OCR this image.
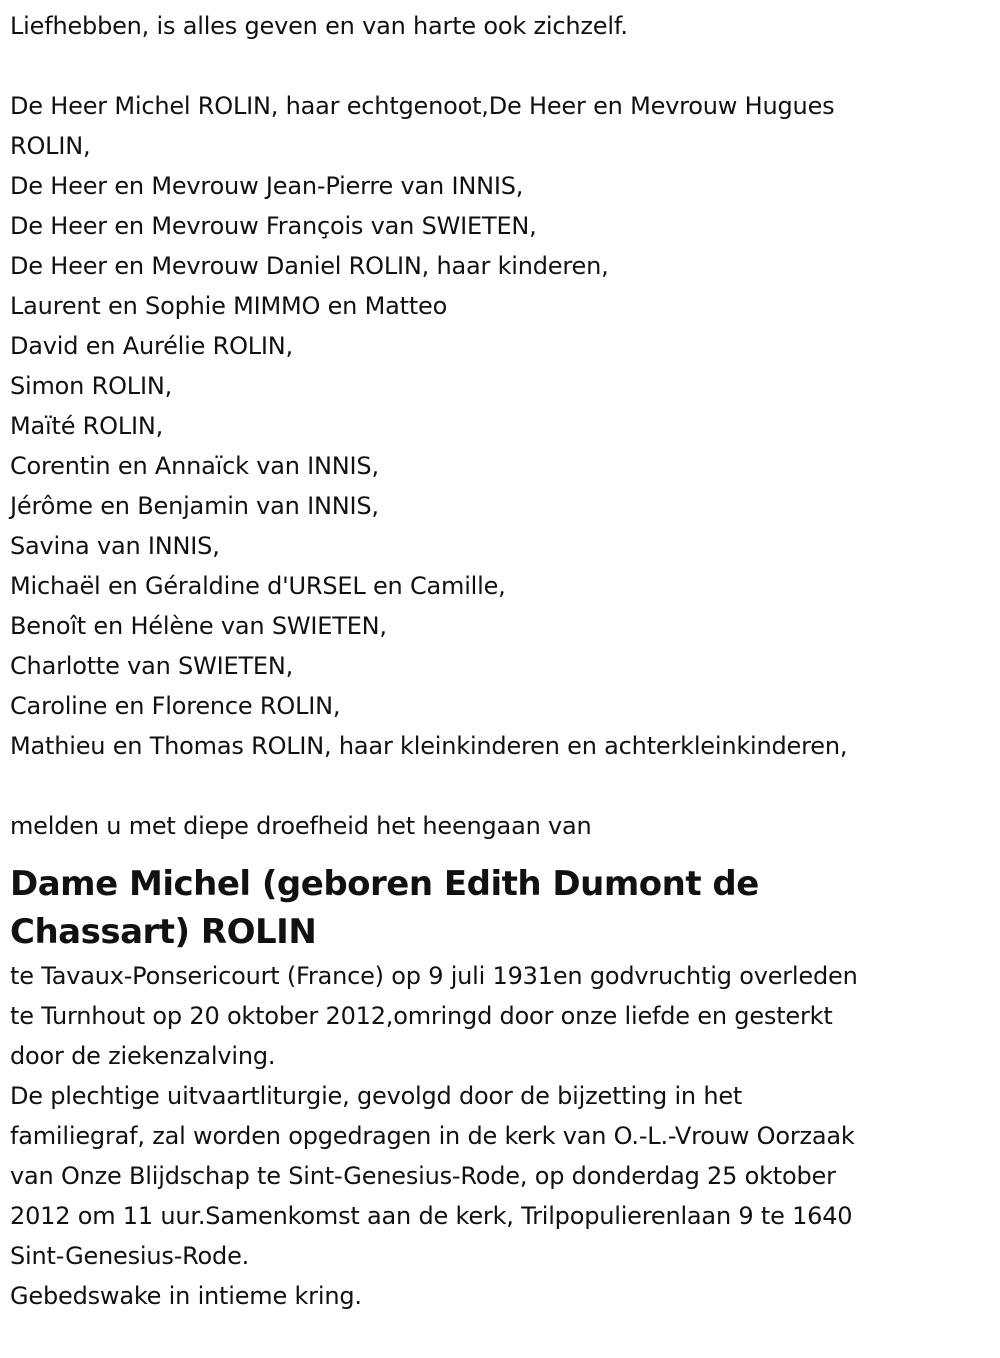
Liefhebben, is alles geven en van harte ook zichzelf.
De Heer Michel ROLIN, haar echtgenoot,De Heer en Mevrouw Hugues
ROLIN,
De Heer en Mevrouw Jean-Pierre van INNIS,
De Heer en Mevrouw François van SWIETEN,
De Heer en Mevrouw Daniel ROLIN, haar kinderen,
Laurent en Sophie MIMMO en Matteo
David en Aurélie ROLIN,
Simon ROLIN,
Maïté ROLIN,
Corentin en Annaïck van INNIS,
Jérôme en Benjamin van INNIS,
Savina van INNIS,
Michaël en Géraldine d'URSEL en Camille,
Benoît en Hélène van SWIETEN,
Charlotte van SWIETEN,
Caroline en Florence ROLIN,
Mathieu en Thomas ROLIN, haar kleinkinderen en achterkleinkinderen,
melden u met diepe droefheid het heengaan van
Dame Michel (geboren Edith Dumont de
Chassart) ROLIN
te Tavaux-Ponsericourt (France) op 9 juli 1931en godvruchtig overleden
te Turnhout op 20 oktober 2012,omringd door onze liefde en gesterkt
door de ziekenzalving.
De plechtige uitvaartliturgie, gevolgd door de bijzetting in het
familiegraf, zal worden opgedragen in de kerk van O.-L.-Vrouw Oorzaak
van Onze Blijdschap te Sint-Genesius-Rode, op donderdag 25 oktober
2012 om 11 uur.Samenkomst aan de kerk, Trilpopulierenlaan 9 te 1640
Sint-Genesius-Rode.
Gebedswake in intieme kring.
